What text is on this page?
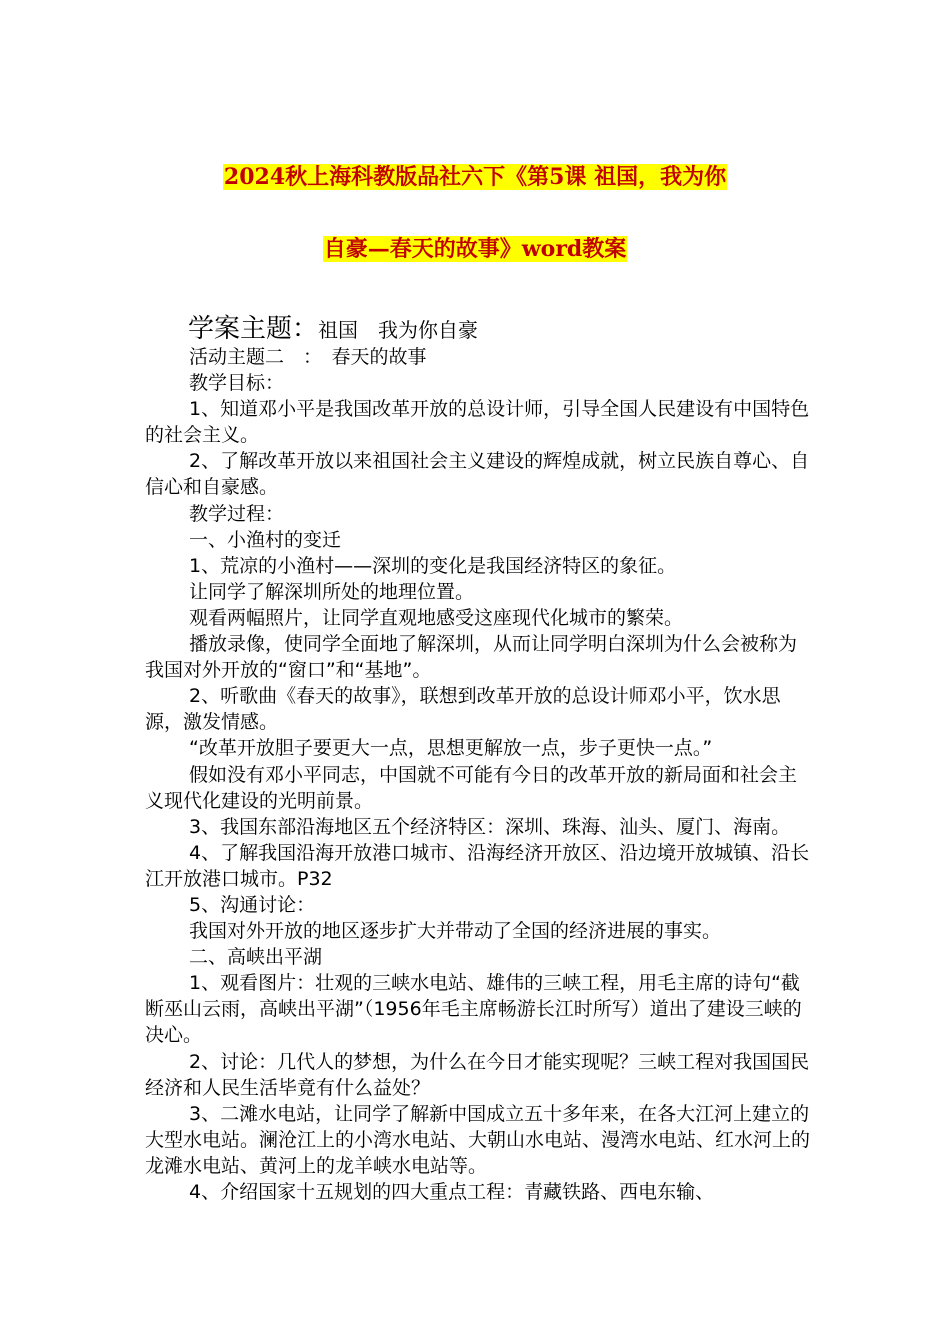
2024秋上海科教版品社六下《第5课 祖国，我为你
自豪—春天的故事》word教案
学案主题：祖国　我为你自豪

活动主题二　：　春天的故事

教学目标：

1、知道邓小平是我国改革开放的总设计师，引导全国人民建设有中国特色的社会主义。

2、了解改革开放以来祖国社会主义建设的辉煌成就，树立民族自尊心、自信心和自豪感。

教学过程：

一、小渔村的变迁

1、荒凉的小渔村——深圳的变化是我国经济特区的象征。

让同学了解深圳所处的地理位置。

观看两幅照片，让同学直观地感受这座现代化城市的繁荣。

播放录像，使同学全面地了解深圳，从而让同学明白深圳为什么会被称为我国对外开放的“窗口”和“基地”。

2、听歌曲《春天的故事》，联想到改革开放的总设计师邓小平，饮水思源，激发情感。

“改革开放胆子要更大一点，思想更解放一点，步子更快一点。”

假如没有邓小平同志，中国就不可能有今日的改革开放的新局面和社会主义现代化建设的光明前景。

3、我国东部沿海地区五个经济特区：深圳、珠海、汕头、厦门、海南。

4、了解我国沿海开放港口城市、沿海经济开放区、沿边境开放城镇、沿长江开放港口城市。P32

5、沟通讨论：

我国对外开放的地区逐步扩大并带动了全国的经济进展的事实。

二、高峡出平湖

1、观看图片：壮观的三峡水电站、雄伟的三峡工程，用毛主席的诗句“截断巫山云雨，高峡出平湖”（1956年毛主席畅游长江时所写）道出了建设三峡的决心。

2、讨论：几代人的梦想，为什么在今日才能实现呢？三峡工程对我国国民经济和人民生活毕竟有什么益处？

3、二滩水电站，让同学了解新中国成立五十多年来，在各大江河上建立的大型水电站。澜沧江上的小湾水电站、大朝山水电站、漫湾水电站、红水河上的龙滩水电站、黄河上的龙羊峡水电站等。

4、介绍国家十五规划的四大重点工程：青藏铁路、西电东输、
